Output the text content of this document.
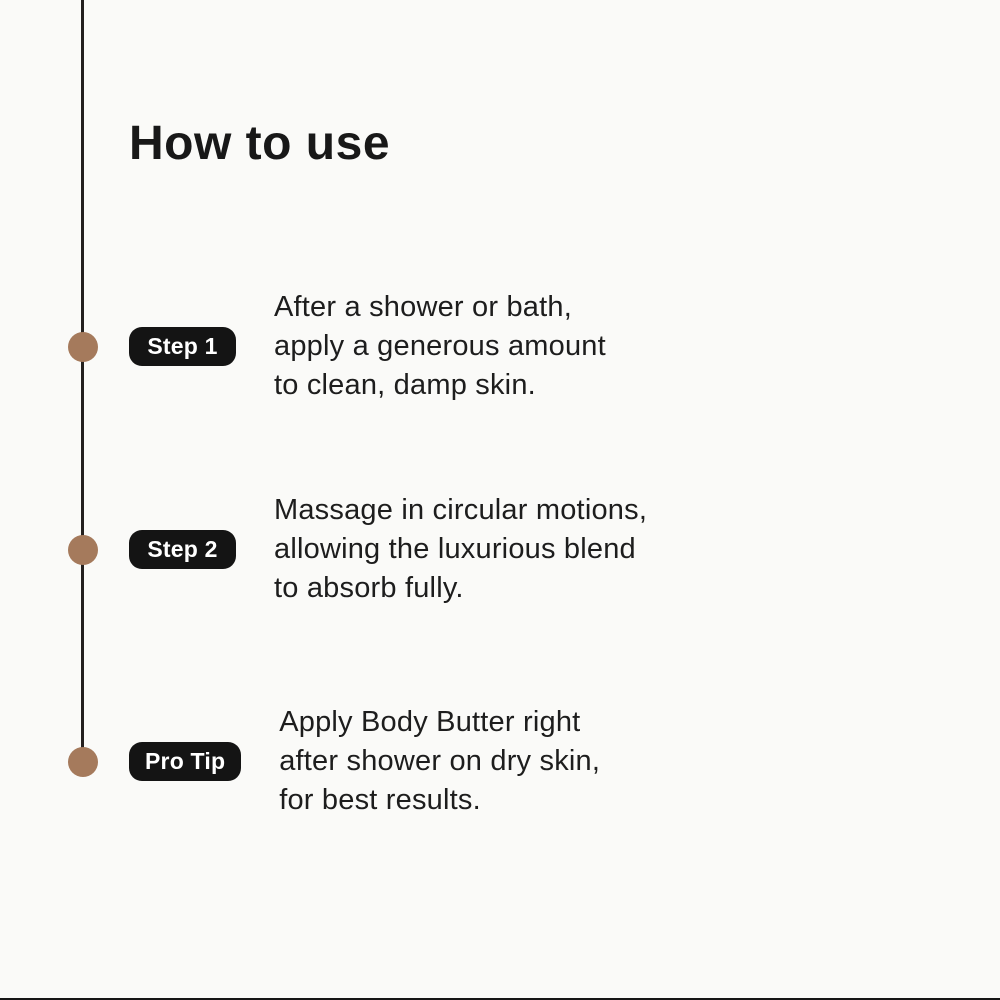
How to use
Step 1
After a shower or bath,
apply a generous amount
to clean, damp skin.
Step 2
Massage in circular motions,
allowing the luxurious blend
to absorb fully.
Pro Tip
Apply Body Butter right
after shower on dry skin,
for best results.
